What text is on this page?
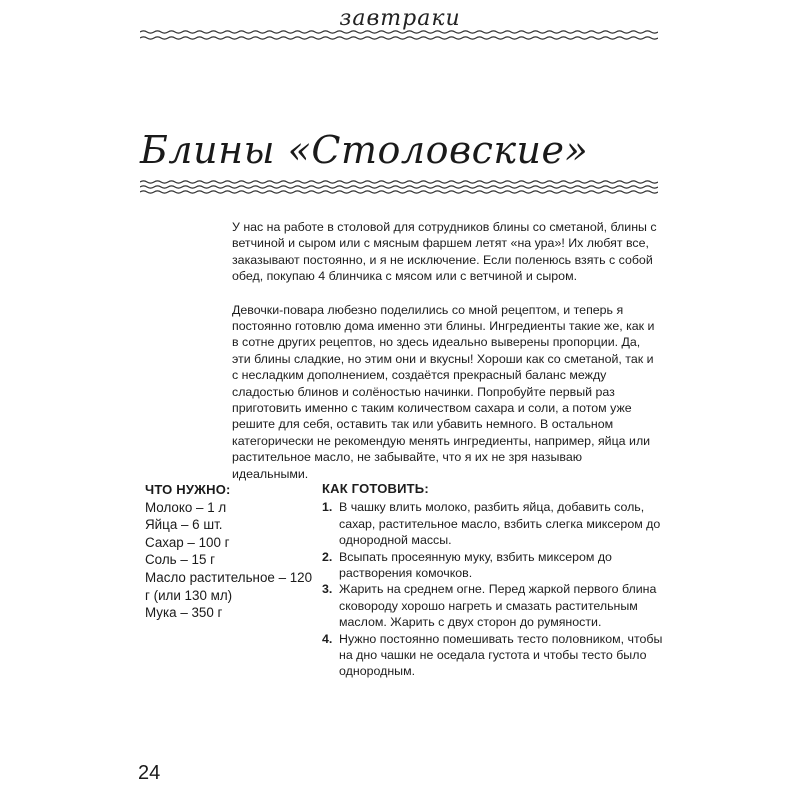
завтраки
Блины «Столовские»

У нас на работе в столовой для сотрудников блины со сметаной, блины с ветчиной и сыром или с мясным фаршем летят «на ура»! Их любят все, заказывают постоянно, и я не исключение. Если поленюсь взять с собой обед, покупаю 4 блинчика с мясом или с ветчиной и сыром.

Девочки-повара любезно поделились со мной рецептом, и теперь я постоянно готовлю дома именно эти блины. Ингредиенты такие же, как и в сотне других рецептов, но здесь идеально выверены пропорции. Да, эти блины сладкие, но этим они и вкусны! Хороши как со сметаной, так и с несладким дополнением, создаётся прекрасный баланс между сладостью блинов и солёностью начинки. Попробуйте первый раз приготовить именно с таким количеством сахара и соли, а потом уже решите для себя, оставить так или убавить немного. В остальном категорически не рекомендую менять ингредиенты, например, яйца или растительное масло, не забывайте, что я их не зря называю идеальными.

ЧТО НУЖНО:
Молоко – 1 л
Яйца – 6 шт.
Сахар – 100 г
Соль – 15 г
Масло растительное – 120 г (или 130 мл)
Мука – 350 г
КАК ГОТОВИТЬ:
1. В чашку влить молоко, разбить яйца, добавить соль, сахар, растительное масло, взбить слегка миксером до однородной массы.
2. Всыпать просеянную муку, взбить миксером до растворения комочков.
3. Жарить на среднем огне. Перед жаркой первого блина сковороду хорошо нагреть и смазать растительным маслом. Жарить с двух сторон до румяности.
4. Нужно постоянно помешивать тесто половником, чтобы на дно чашки не оседала густота и чтобы тесто было однородным.
24
